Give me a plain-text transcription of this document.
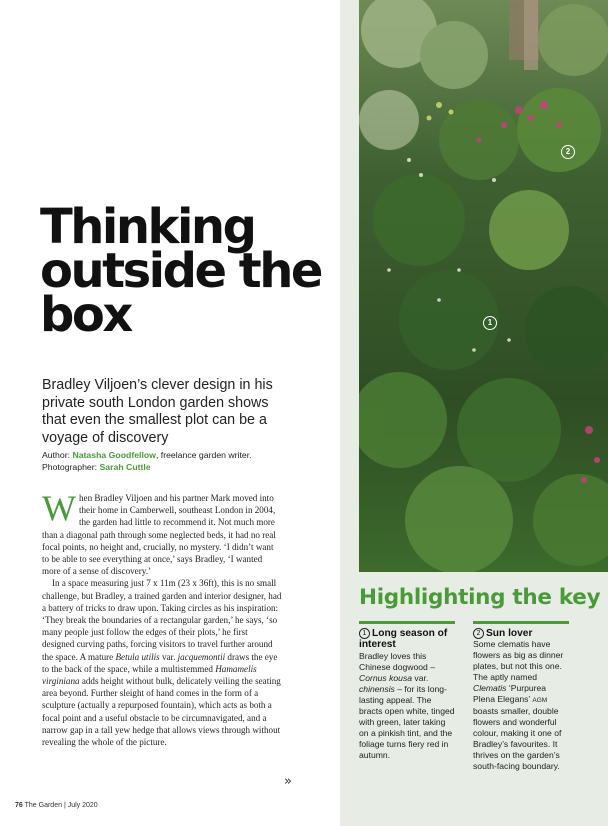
Thinking outside the box

Bradley Viljoen’s clever design in his private south London garden shows that even the smallest plot can be a voyage of discovery

Author: Natasha Goodfellow, freelance garden writer.
Photographer: Sarah Cuttle

When Bradley Viljoen and his partner Mark moved into their home in Camberwell, southeast London in 2004, the garden had little to recommend it. Not much more than a diagonal path through some neglected beds, it had no real focal points, no height and, crucially, no mystery. ‘I didn’t want to be able to see everything at once,’ says Bradley, ‘I wanted more of a sense of discovery.’

In a space measuring just 7 x 11m (23 x 36ft), this is no small challenge, but Bradley, a trained garden and interior designer, had a battery of tricks to draw upon. Taking circles as his inspiration: ‘They break the boundaries of a rectangular garden,’ he says, ‘so many people just follow the edges of their plots,’ he first designed curving paths, forcing visitors to travel further around the space. A mature Betula utilis var. jacquemontii draws the eye to the back of the space, while a multistemmed Hamamelis virginiana adds height without bulk, delicately veiling the seating area beyond. Further sleight of hand comes in the form of a sculpture (actually a repurposed fountain), which acts as both a focal point and a useful obstacle to be circumnavigated, and a narrow gap in a tall yew hedge that allows views through without revealing the whole of the picture.

»
76 The Garden | July 2020
1
2
Highlighting the key
1 Long season of interest
Bradley loves this Chinese dogwood – Cornus kousa var. chinensis – for its long-lasting appeal. The bracts open white, tinged with green, later taking on a pinkish tint, and the foliage turns fiery red in autumn.
2 Sun lover
Some clematis have flowers as big as dinner plates, but not this one. The aptly named Clematis ‘Purpurea Plena Elegans’ AGM boasts smaller, double flowers and wonderful colour, making it one of Bradley’s favourites. It thrives on the garden’s south-facing boundary.
